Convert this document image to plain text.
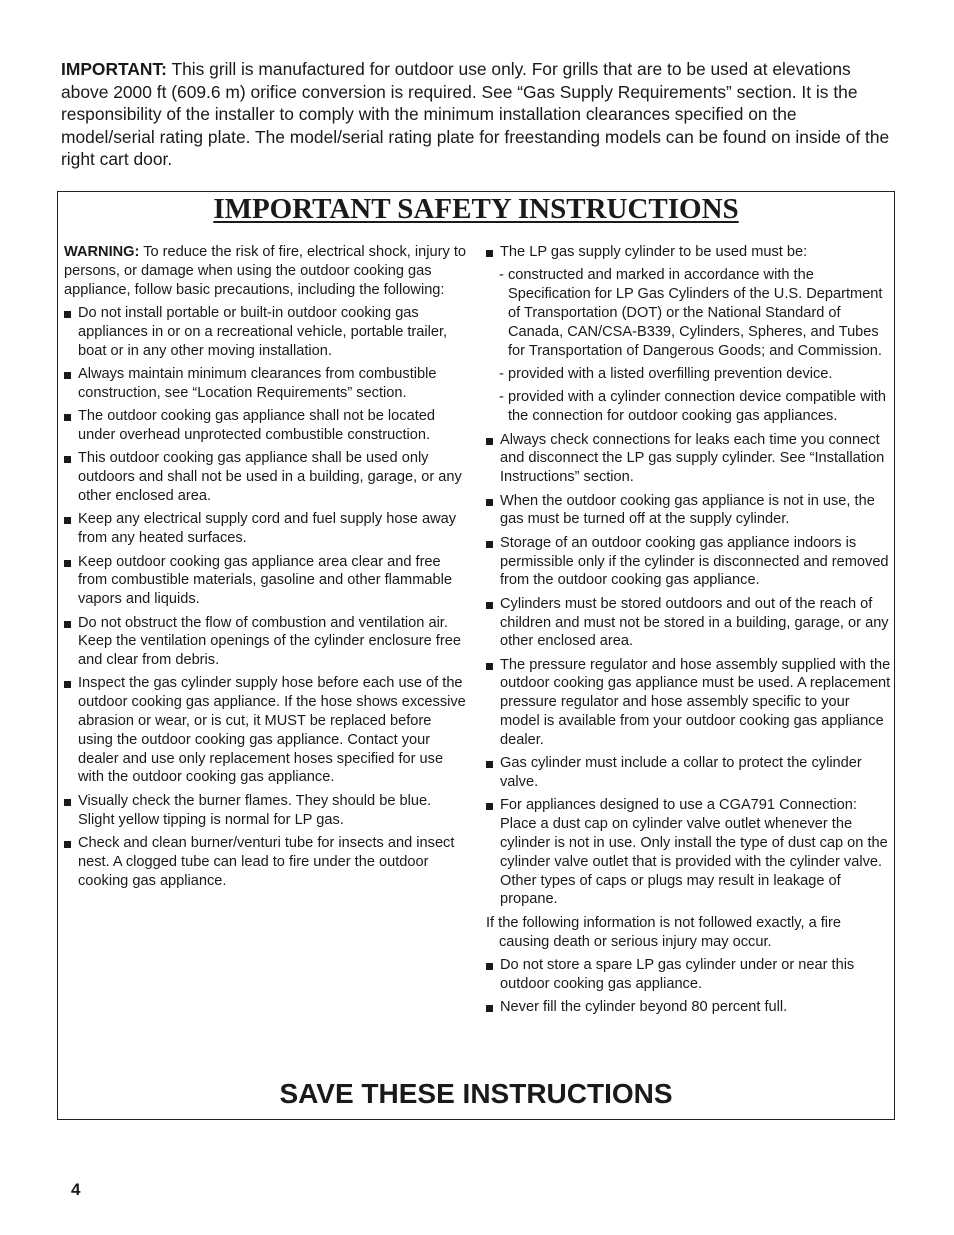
IMPORTANT: This grill is manufactured for outdoor use only. For grills that are to be used at elevations above 2000 ft (609.6 m) orifice conversion is required. See “Gas Supply Requirements” section. It is the responsibility of the installer to comply with the minimum installation clearances specified on the model/serial rating plate. The model/serial rating plate for freestanding models can be found on inside of the right cart door.

IMPORTANT SAFETY INSTRUCTIONS

WARNING: To reduce the risk of fire, electrical shock, injury to persons, or damage when using the outdoor cooking gas appliance, follow basic precautions, including the following:

Do not install portable or built-in outdoor cooking gas appliances in or on a recreational vehicle, portable trailer, boat or in any other moving installation.
Always maintain minimum clearances from combustible construction, see “Location Requirements” section.
The outdoor cooking gas appliance shall not be located under overhead unprotected combustible construction.
This outdoor cooking gas appliance shall be used only outdoors and shall not be used in a building, garage, or any other enclosed area.
Keep any electrical supply cord and fuel supply hose away from any heated surfaces.
Keep outdoor cooking gas appliance area clear and free from combustible materials, gasoline and other flammable vapors and liquids.
Do not obstruct the flow of combustion and ventilation air. Keep the ventilation openings of the cylinder enclosure free and clear from debris.
Inspect the gas cylinder supply hose before each use of the outdoor cooking gas appliance. If the hose shows excessive abrasion or wear, or is cut, it MUST be replaced before using the outdoor cooking gas appliance. Contact your dealer and use only replacement hoses specified for use with the outdoor cooking gas appliance.
Visually check the burner flames. They should be blue. Slight yellow tipping is normal for LP gas.
Check and clean burner/venturi tube for insects and insect nest. A clogged tube can lead to fire under the outdoor cooking gas appliance.
The LP gas supply cylinder to be used must be:
- constructed and marked in accordance with the Specification for LP Gas Cylinders of the U.S. Department of Transportation (DOT) or the National Standard of Canada, CAN/CSA-B339, Cylinders, Spheres, and Tubes for Transportation of Dangerous Goods; and Commission.
- provided with a listed overfilling prevention device.
- provided with a cylinder connection device compatible with the connection for outdoor cooking gas appliances.
Always check connections for leaks each time you connect and disconnect the LP gas supply cylinder. See “Installation Instructions” section.
When the outdoor cooking gas appliance is not in use, the gas must be turned off at the supply cylinder.
Storage of an outdoor cooking gas appliance indoors is permissible only if the cylinder is disconnected and removed from the outdoor cooking gas appliance.
Cylinders must be stored outdoors and out of the reach of children and must not be stored in a building, garage, or any other enclosed area.
The pressure regulator and hose assembly supplied with the outdoor cooking gas appliance must be used. A replacement pressure regulator and hose assembly specific to your model is available from your outdoor cooking gas appliance dealer.
Gas cylinder must include a collar to protect the cylinder valve.
For appliances designed to use a CGA791 Connection: Place a dust cap on cylinder valve outlet whenever the cylinder is not in use. Only install the type of dust cap on the cylinder valve outlet that is provided with the cylinder valve. Other types of caps or plugs may result in leakage of propane.

If the following information is not followed exactly, a fire causing death or serious injury may occur.

Do not store a spare LP gas cylinder under or near this outdoor cooking gas appliance.
Never fill the cylinder beyond 80 percent full.
SAVE THESE INSTRUCTIONS
4
